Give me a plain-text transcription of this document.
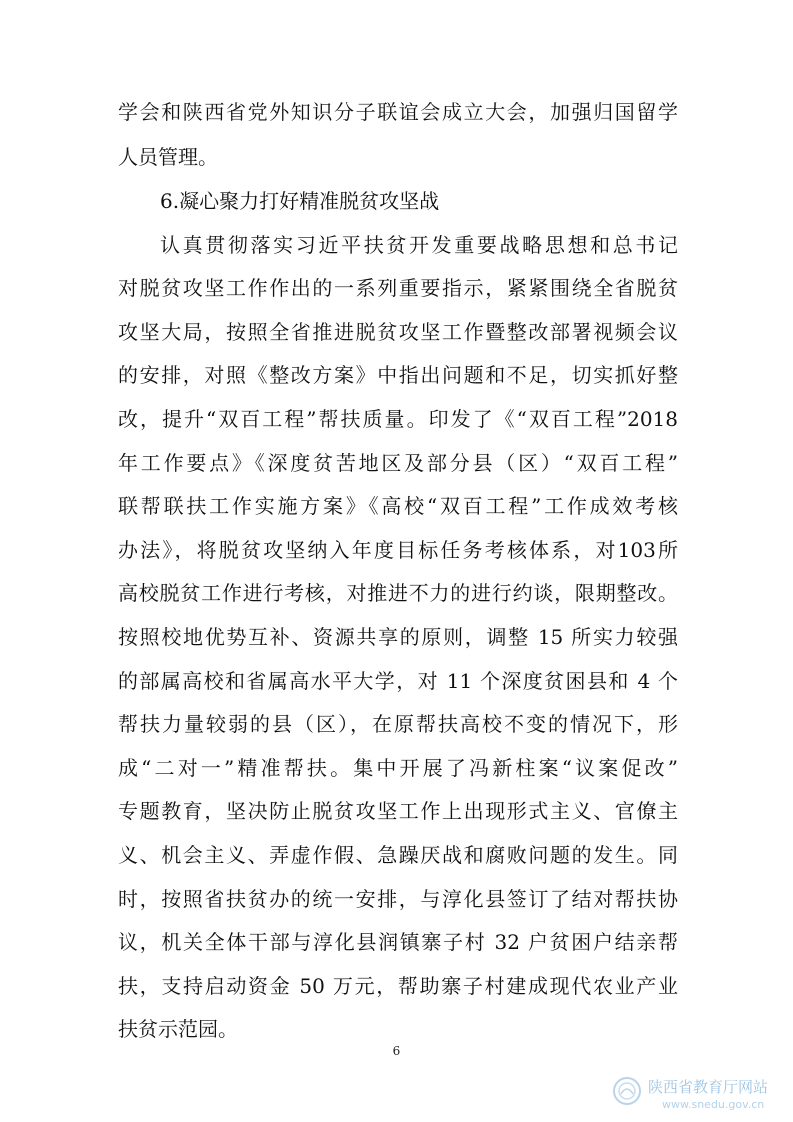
学会和陕西省党外知识分子联谊会成立大会，加强归国留学
人员管理。
6.凝心聚力打好精准脱贫攻坚战
认真贯彻落实习近平扶贫开发重要战略思想和总书记
对脱贫攻坚工作作出的一系列重要指示，紧紧围绕全省脱贫
攻坚大局，按照全省推进脱贫攻坚工作暨整改部署视频会议
的安排，对照《整改方案》中指出问题和不足，切实抓好整
改，提升“双百工程”帮扶质量。印发了《“双百工程”2018
年工作要点》《深度贫苦地区及部分县（区）“双百工程”
联帮联扶工作实施方案》《高校“双百工程”工作成效考核
办法》，将脱贫攻坚纳入年度目标任务考核体系，对103所
高校脱贫工作进行考核，对推进不力的进行约谈，限期整改。
按照校地优势互补、资源共享的原则，调整 15 所实力较强
的部属高校和省属高水平大学，对 11 个深度贫困县和 4 个
帮扶力量较弱的县（区），在原帮扶高校不变的情况下，形
成“二对一”精准帮扶。集中开展了冯新柱案“议案促改”
专题教育，坚决防止脱贫攻坚工作上出现形式主义、官僚主
义、机会主义、弄虚作假、急躁厌战和腐败问题的发生。同
时，按照省扶贫办的统一安排，与淳化县签订了结对帮扶协
议，机关全体干部与淳化县润镇寨子村 32 户贫困户结亲帮
扶，支持启动资金 50 万元，帮助寨子村建成现代农业产业
扶贫示范园。
6
陕西省教育厅网站
www.snedu.gov.cn
